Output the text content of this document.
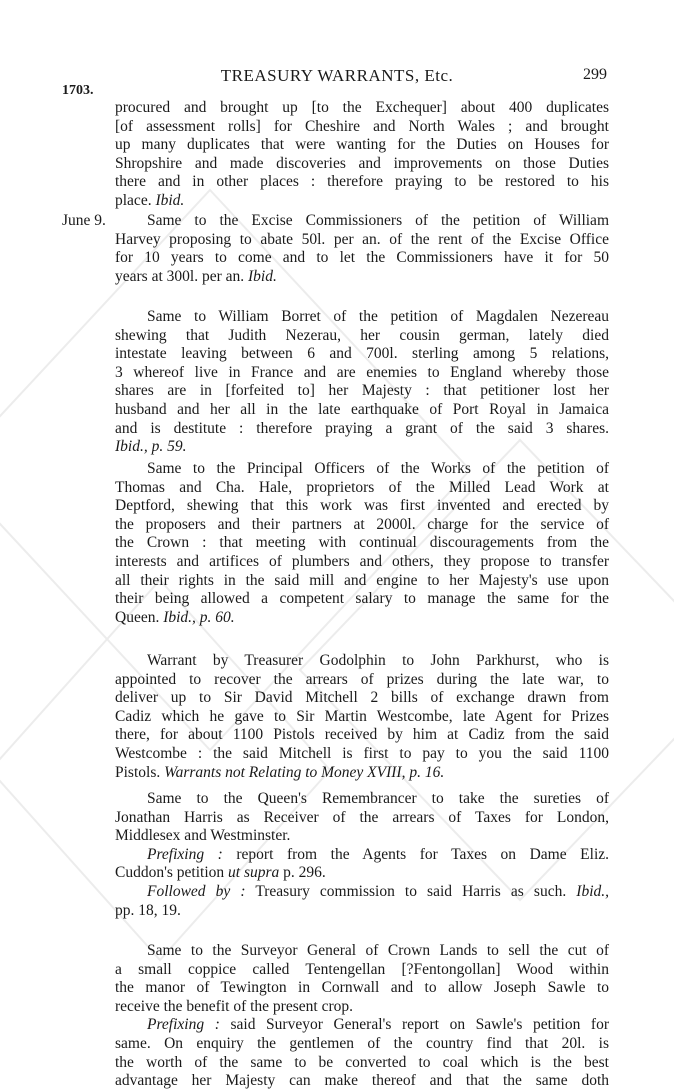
1703.
TREASURY WARRANTS, Etc.	299
procured and brought up [to the Exchequer] about 400 duplicates
[of assessment rolls] for Cheshire and North Wales ; and brought
up many duplicates that were wanting for the Duties on Houses for
Shropshire and made discoveries and improvements on those Duties
there and in other places : therefore praying to be restored to his
place. Ibid.
June 9.	Same to the Excise Commissioners of the petition of William
Harvey proposing to abate 50l. per an. of the rent of the Excise Office
for 10 years to come and to let the Commissioners have it for 50
years at 300l. per an. Ibid.
Same to William Borret of the petition of Magdalen Nezereau
shewing that Judith Nezerau, her cousin german, lately died
intestate leaving between 6 and 700l. sterling among 5 relations,
3 whereof live in France and are enemies to England whereby those
shares are in [forfeited to] her Majesty : that petitioner lost her
husband and her all in the late earthquake of Port Royal in Jamaica
and is destitute : therefore praying a grant of the said 3 shares.
Ibid., p. 59.
Same to the Principal Officers of the Works of the petition of
Thomas and Cha. Hale, proprietors of the Milled Lead Work at
Deptford, shewing that this work was first invented and erected by
the proposers and their partners at 2000l. charge for the service of
the Crown : that meeting with continual discouragements from the
interests and artifices of plumbers and others, they propose to transfer
all their rights in the said mill and engine to her Majesty's use upon
their being allowed a competent salary to manage the same for the
Queen. Ibid., p. 60.
Warrant by Treasurer Godolphin to John Parkhurst, who is
appointed to recover the arrears of prizes during the late war, to
deliver up to Sir David Mitchell 2 bills of exchange drawn from
Cadiz which he gave to Sir Martin Westcombe, late Agent for Prizes
there, for about 1100 Pistols received by him at Cadiz from the said
Westcombe : the said Mitchell is first to pay to you the said 1100
Pistols. Warrants not Relating to Money XVIII, p. 16.
Same to the Queen's Remembrancer to take the sureties of
Jonathan Harris as Receiver of the arrears of Taxes for London,
Middlesex and Westminster.
Prefixing : report from the Agents for Taxes on Dame Eliz.
Cuddon's petition ut supra p. 296.
Followed by : Treasury commission to said Harris as such. Ibid.,
pp. 18, 19.
Same to the Surveyor General of Crown Lands to sell the cut of
a small coppice called Tentengellan [?Fentongollan] Wood within
the manor of Tewington in Cornwall and to allow Joseph Sawle to
receive the benefit of the present crop.
Prefixing : said Surveyor General's report on Sawle's petition for
same. On enquiry the gentlemen of the country find that 20l. is
the worth of the same to be converted to coal which is the best
advantage her Majesty can make thereof and that the same doth
